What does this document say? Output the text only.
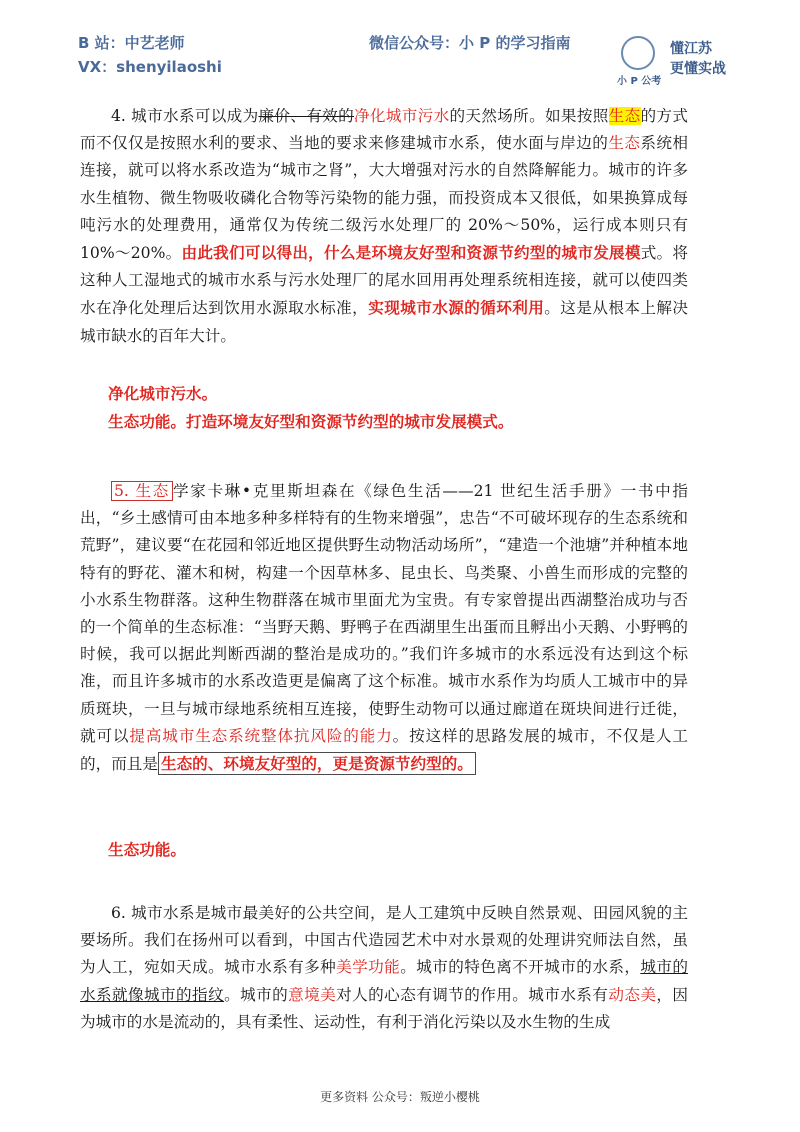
B 站：中艺老师
VX：shenyilaoshi
微信公众号：小 P 的学习指南
小 P 公考
懂江苏
更懂实战
4. 城市水系可以成为廉价、有效的净化城市污水的天然场所。如果按照生态的方式而不仅仅是按照水利的要求、当地的要求来修建城市水系，使水面与岸边的生态系统相连接，就可以将水系改造为“城市之肾”，大大增强对污水的自然降解能力。城市的许多水生植物、微生物吸收磷化合物等污染物的能力强，而投资成本又很低，如果换算成每吨污水的处理费用，通常仅为传统二级污水处理厂的 20%～50%，运行成本则只有 10%～20%。由此我们可以得出，什么是环境友好型和资源节约型的城市发展模式。将这种人工湿地式的城市水系与污水处理厂的尾水回用再处理系统相连接，就可以使四类水在净化处理后达到饮用水源取水标准，实现城市水源的循环利用。这是从根本上解决城市缺水的百年大计。
净化城市污水。
生态功能。打造环境友好型和资源节约型的城市发展模式。
5. 生态 学家卡琳•克里斯坦森在《绿色生活——21 世纪生活手册》一书中指出，“乡土感情可由本地多种多样特有的生物来增强”，忠告“不可破坏现存的生态系统和荒野”，建议要“在花园和邻近地区提供野生动物活动场所”，“建造一个池塘”并种植本地特有的野花、灌木和树，构建一个因草林多、昆虫长、鸟类聚、小兽生而形成的完整的小水系生物群落。这种生物群落在城市里面尤为宝贵。有专家曾提出西湖整治成功与否的一个简单的生态标准：“当野天鹅、野鸭子在西湖里生出蛋而且孵出小天鹅、小野鸭的时候，我可以据此判断西湖的整治是成功的。”我们许多城市的水系远没有达到这个标准，而且许多城市的水系改造更是偏离了这个标准。城市水系作为均质人工城市中的异质斑块，一旦与城市绿地系统相互连接，使野生动物可以通过廊道在斑块间进行迁徙，就可以提高城市生态系统整体抗风险的能力。按这样的思路发展的城市，不仅是人工的，而且是 生态的、环境友好型的，更是资源节约型的。
生态功能。
6. 城市水系是城市最美好的公共空间，是人工建筑中反映自然景观、田园风貌的主要场所。我们在扬州可以看到，中国古代造园艺术中对水景观的处理讲究师法自然，虽为人工，宛如天成。城市水系有多种美学功能。城市的特色离不开城市的水系，城市的水系就像城市的指纹。城市的意境美对人的心态有调节的作用。城市水系有动态美，因为城市的水是流动的，具有柔性、运动性，有利于消化污染以及水生物的生成
更多资料 公众号：叛逆小樱桃
